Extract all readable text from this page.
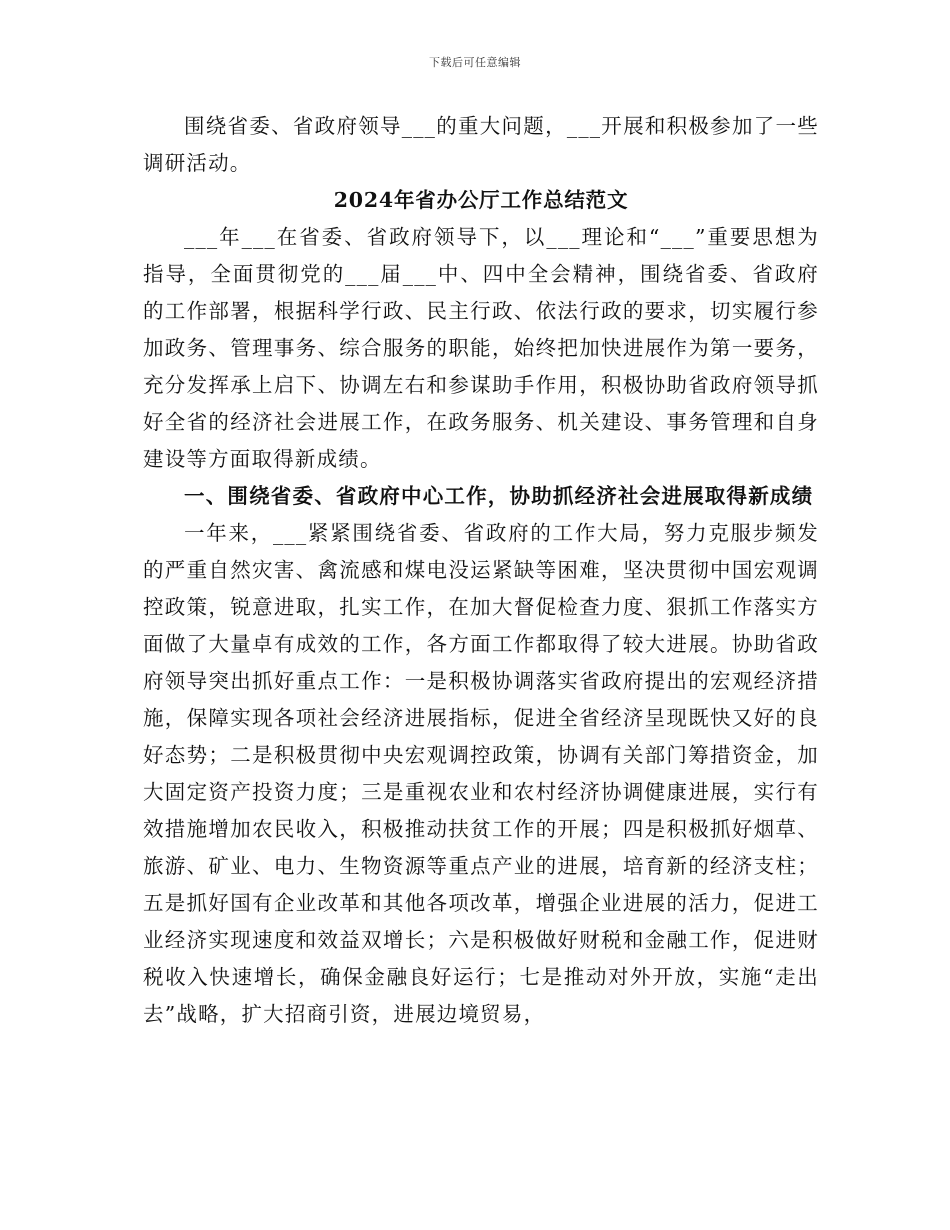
下载后可任意编辑

围绕省委、省政府领导___的重大问题，___开展和积极参加了一些调研活动。

2024年省办公厅工作总结范文

___年___在省委、省政府领导下，以___理论和“___”重要思想为指导，全面贯彻党的___届___中、四中全会精神，围绕省委、省政府的工作部署，根据科学行政、民主行政、依法行政的要求，切实履行参加政务、管理事务、综合服务的职能，始终把加快进展作为第一要务，充分发挥承上启下、协调左右和参谋助手作用，积极协助省政府领导抓好全省的经济社会进展工作，在政务服务、机关建设、事务管理和自身建设等方面取得新成绩。

一、围绕省委、省政府中心工作，协助抓经济社会进展取得新成绩

一年来，___紧紧围绕省委、省政府的工作大局，努力克服步频发的严重自然灾害、禽流感和煤电没运紧缺等困难，坚决贯彻中国宏观调控政策，锐意进取，扎实工作，在加大督促检查力度、狠抓工作落实方面做了大量卓有成效的工作，各方面工作都取得了较大进展。协助省政府领导突出抓好重点工作：一是积极协调落实省政府提出的宏观经济措施，保障实现各项社会经济进展指标，促进全省经济呈现既快又好的良好态势；二是积极贯彻中央宏观调控政策，协调有关部门筹措资金，加大固定资产投资力度；三是重视农业和农村经济协调健康进展，实行有效措施增加农民收入，积极推动扶贫工作的开展；四是积极抓好烟草、旅游、矿业、电力、生物资源等重点产业的进展，培育新的经济支柱；五是抓好国有企业改革和其他各项改革，增强企业进展的活力，促进工业经济实现速度和效益双增长；六是积极做好财税和金融工作，促进财税收入快速增长，确保金融良好运行；七是推动对外开放，实施“走出去”战略，扩大招商引资，进展边境贸易，
